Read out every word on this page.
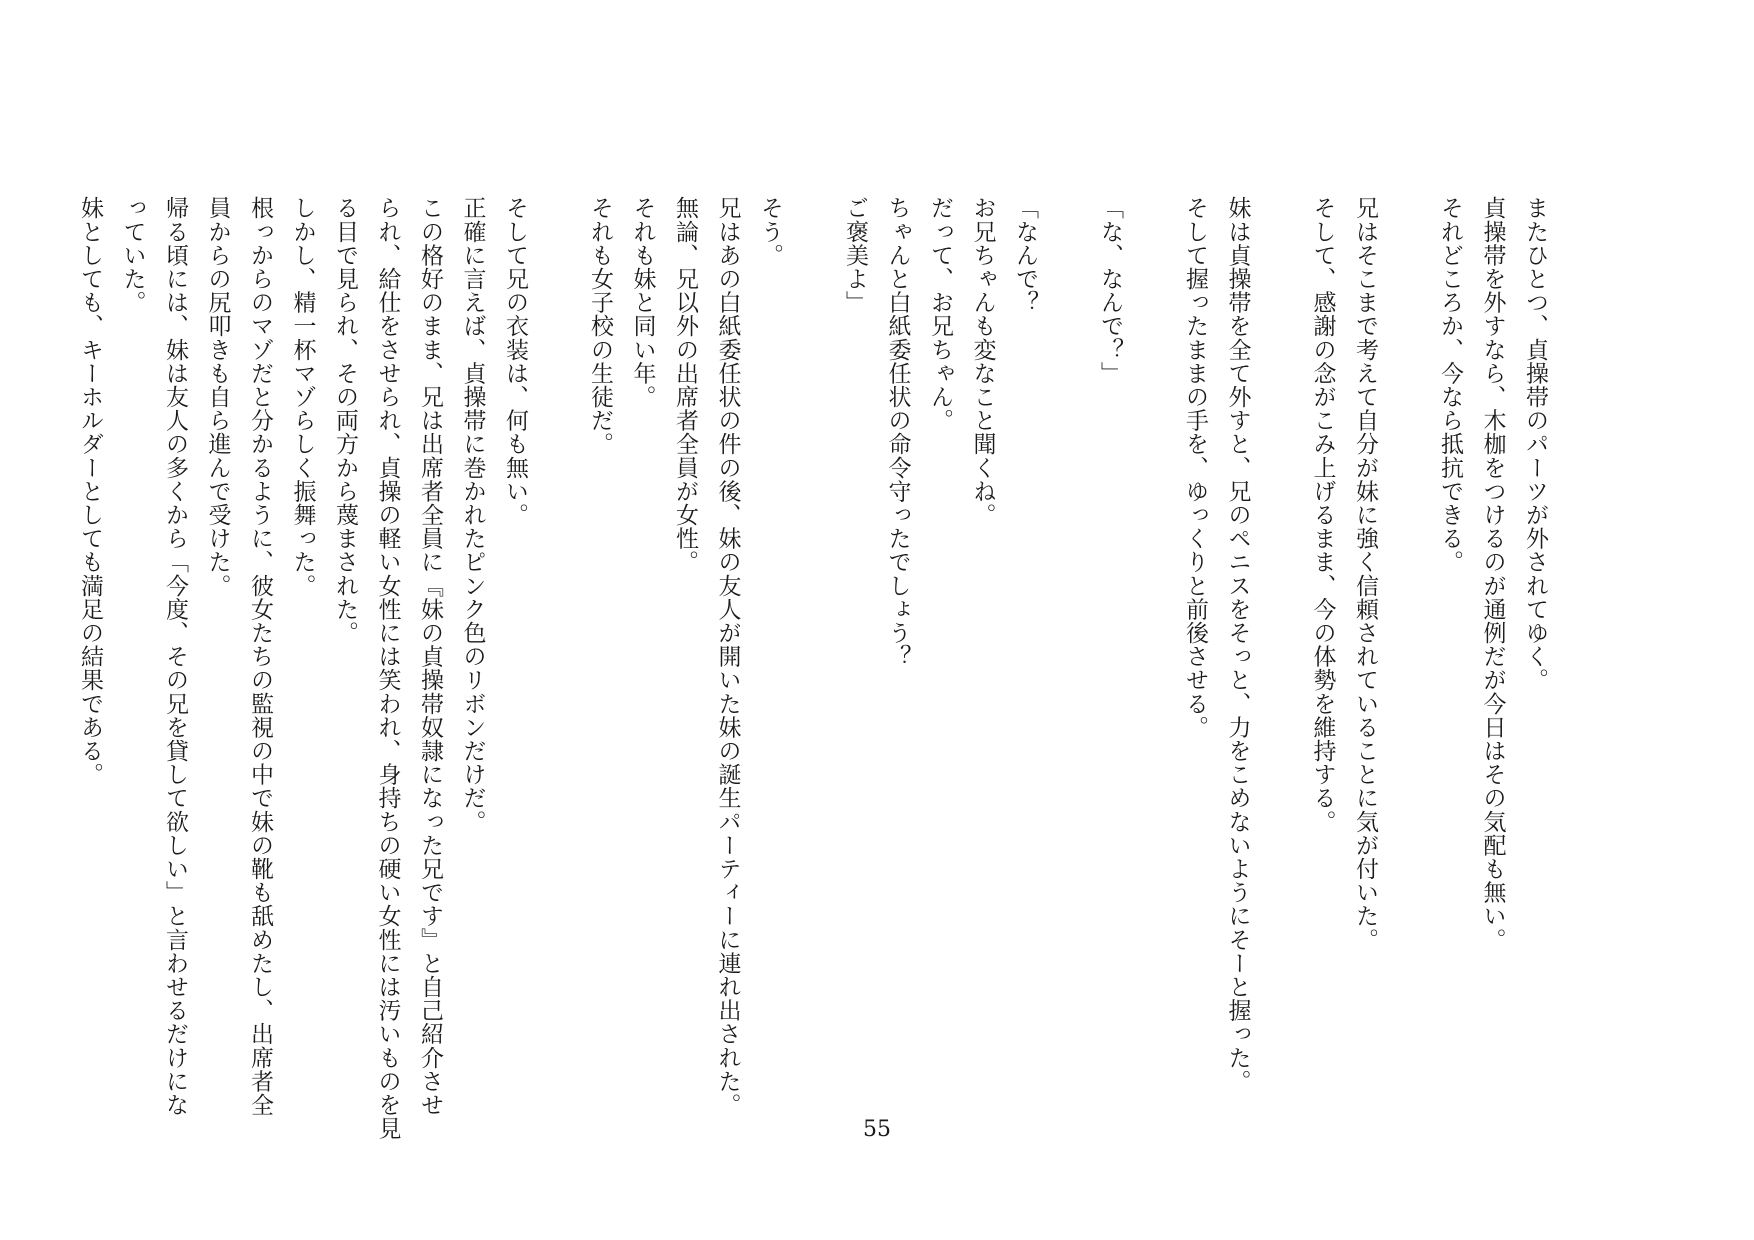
またひとつ、貞操帯のパーツが外されてゆく。
貞操帯を外すなら、木枷をつけるのが通例だが今日はその気配も無い。
それどころか、今なら抵抗できる。

兄はそこまで考えて自分が妹に強く信頼されていることに気が付いた。
そして、感謝の念がこみ上げるまま、今の体勢を維持する。

妹は貞操帯を全て外すと、兄のペニスをそっと、力をこめないようにそーと握った。
そして握ったままの手を、ゆっくりと前後させる。

「な、なんで？」

「なんで？
お兄ちゃんも変なこと聞くね。
だって、お兄ちゃん。
ちゃんと白紙委任状の命令守ったでしょう？
ご褒美よ」

そう。
兄はあの白紙委任状の件の後、妹の友人が開いた妹の誕生パーティーに連れ出された。
無論、兄以外の出席者全員が女性。
それも妹と同い年。
それも女子校の生徒だ。

そして兄の衣装は、何も無い。
正確に言えば、貞操帯に巻かれたピンク色のリボンだけだ。
この格好のまま、兄は出席者全員に『妹の貞操帯奴隷になった兄です』と自己紹介させ
られ、給仕をさせられ、貞操の軽い女性には笑われ、身持ちの硬い女性には汚いものを見
る目で見られ、その両方から蔑まされた。
しかし、精一杯マゾらしく振舞った。
根っからのマゾだと分かるように、彼女たちの監視の中で妹の靴も舐めたし、出席者全
員からの尻叩きも自ら進んで受けた。
帰る頃には、妹は友人の多くから「今度、その兄を貸して欲しい」と言わせるだけにな
っていた。
妹としても、キーホルダーとしても満足の結果である。
55
